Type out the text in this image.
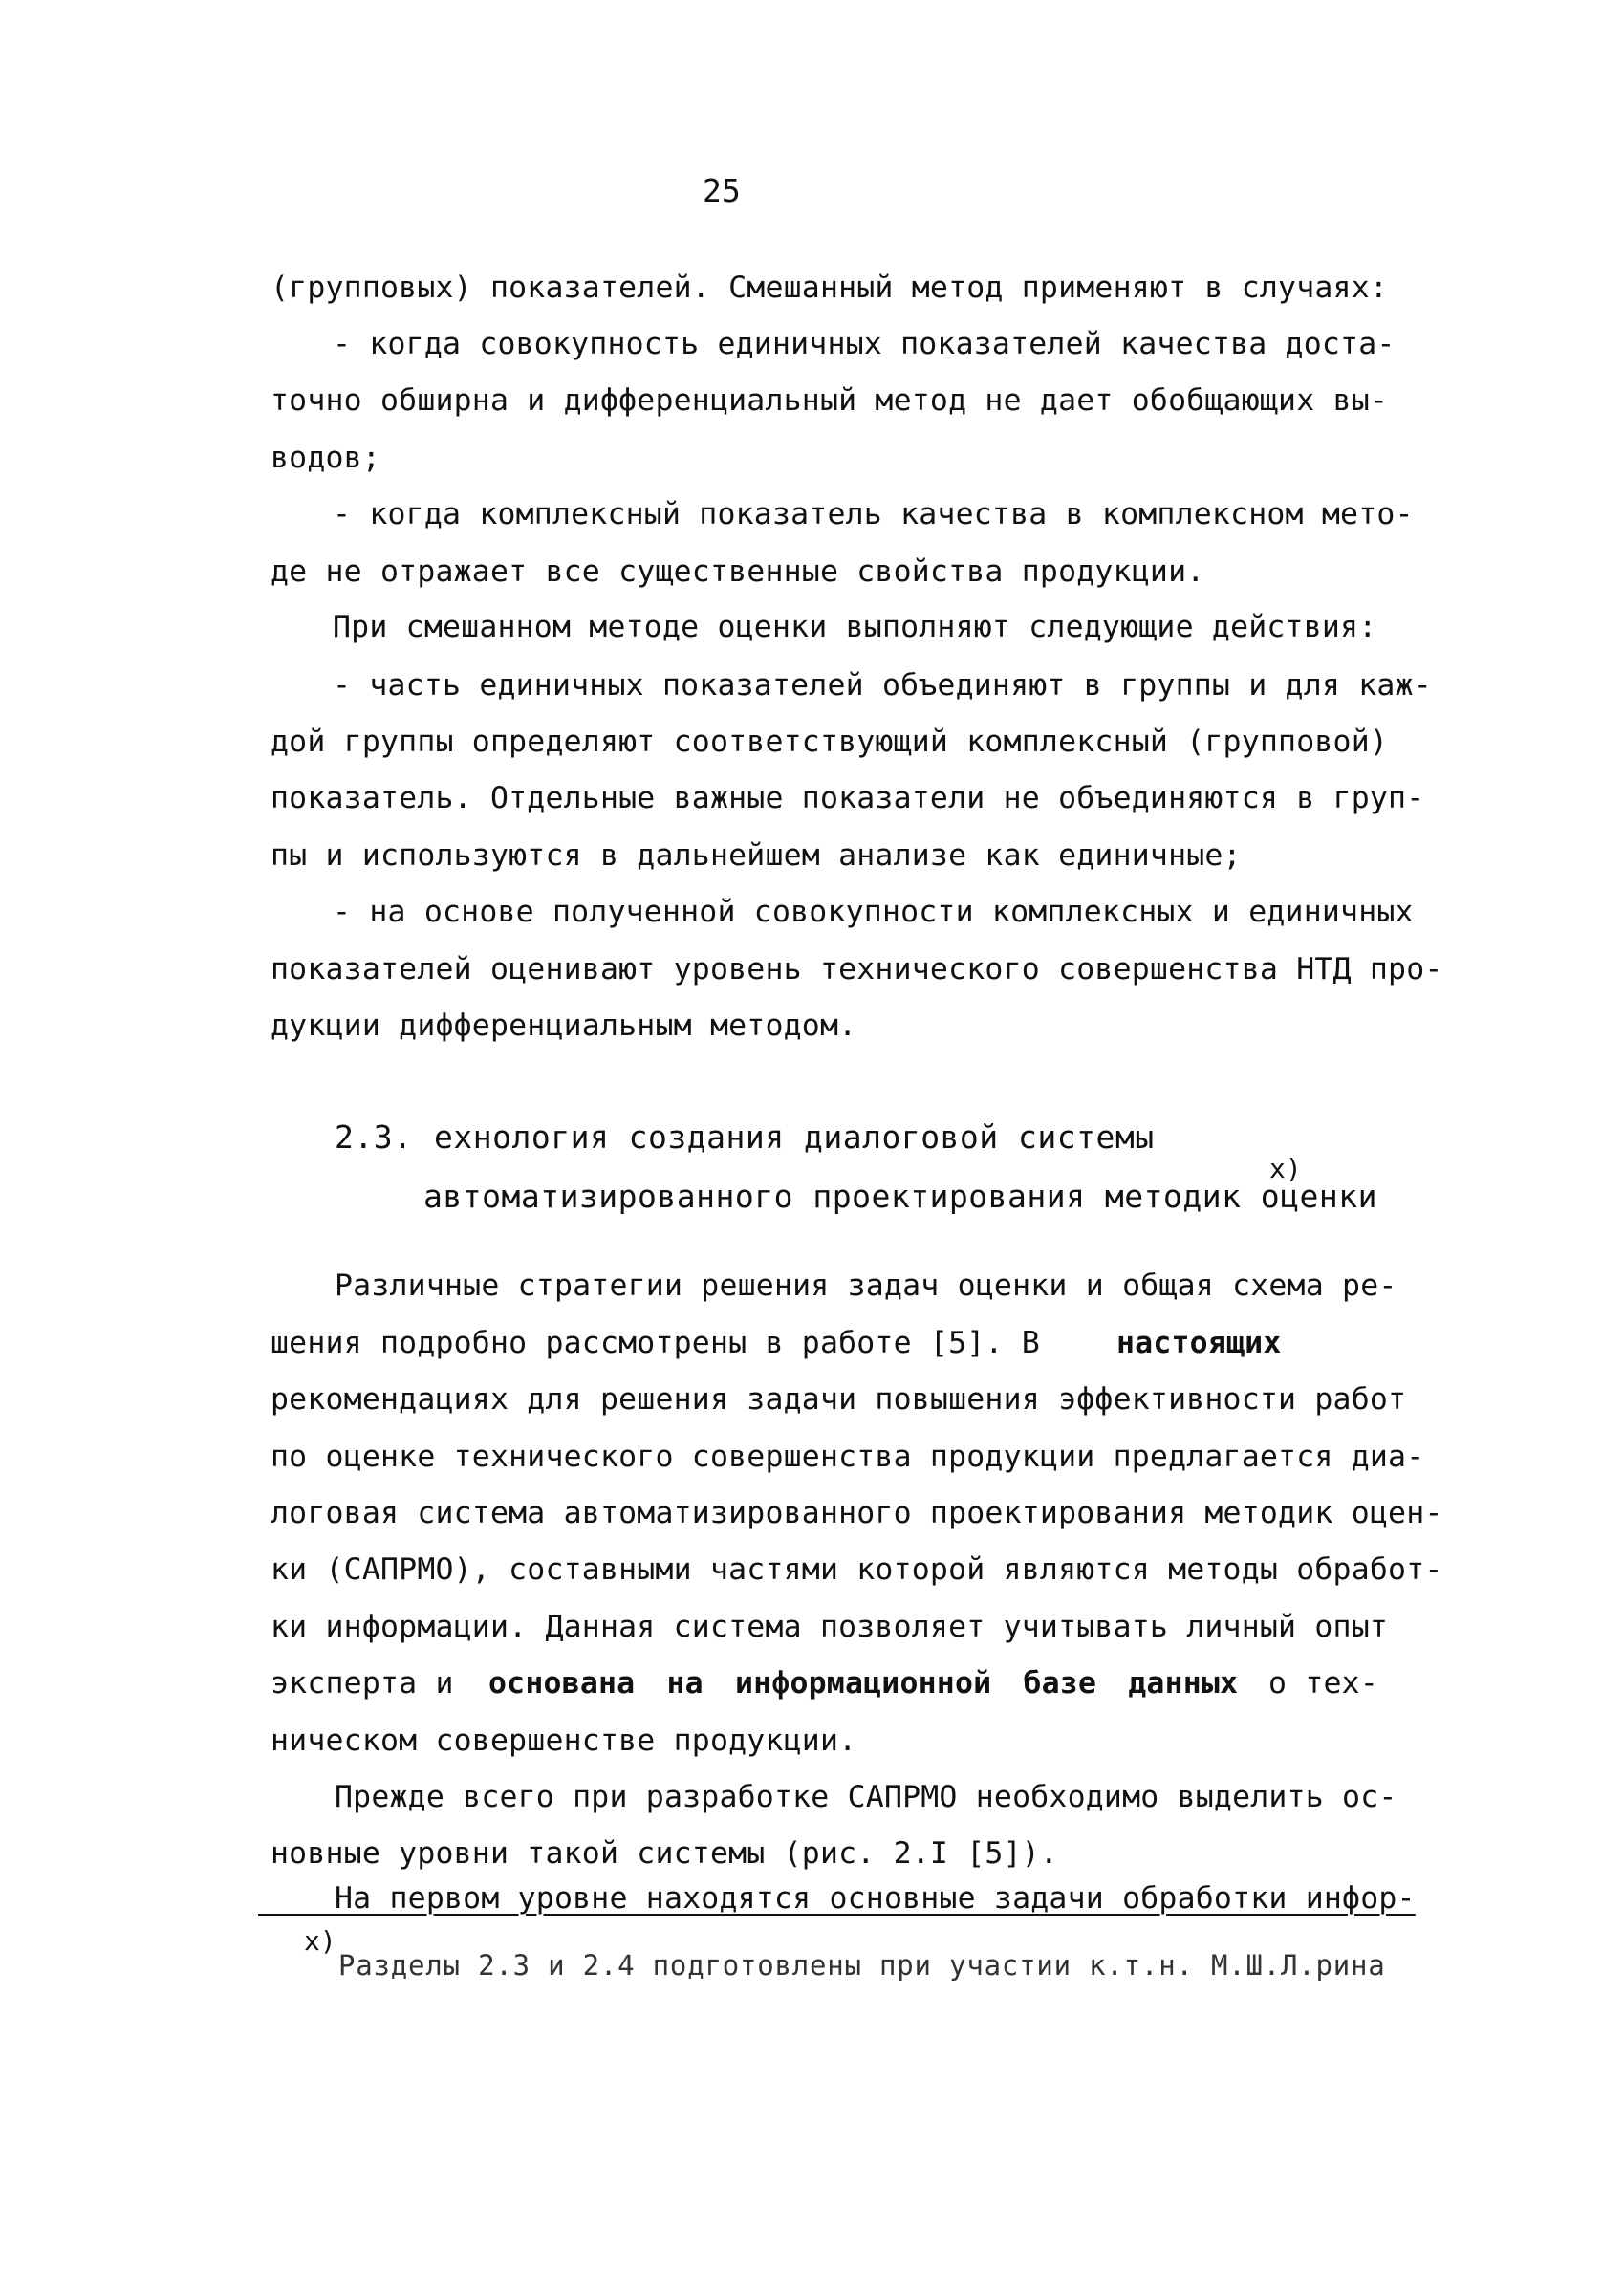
25
(групповых) показателей. Смешанный метод применяют в случаях:
- когда совокупность единичных показателей качества доста-
точно обширна и дифференциальный метод не дает обобщающих вы-
водов;
- когда комплексный показатель качества в комплексном мето-
де не отражает все существенные свойства продукции.
При смешанном методе оценки выполняют следующие действия:
- часть единичных показателей объединяют в группы и для каж-
дой группы определяют соответствующий комплексный (групповой)
показатель. Отдельные важные показатели не объединяются в груп-
пы и используются в дальнейшем анализе как единичные;
- на основе полученной совокупности комплексных и единичных
показателей оценивают уровень технического совершенства НТД про-
дукции дифференциальным методом.
2.3. ехнология создания диалоговой системы
автоматизированного проектирования методик оценки
x)
Различные стратегии решения задач оценки и общая схема ре-
шения подробно рассмотрены в работе [5]. В	настоящих
рекомендациях для решения задачи повышения эффективности работ
по оценке технического совершенства продукции предлагается диа-
логовая система автоматизированного проектирования методик оцен-
ки (САПРМО), составными частями которой являются методы обработ-
ки информации. Данная система позволяет учитывать личный опыт
эксперта и основана на информационной базе данных о тех-
ническом совершенстве продукции.
Прежде всего при разработке САПРМО необходимо выделить ос-
новные уровни такой системы (рис. 2.I [5]).
На первом уровне находятся основные задачи обработки инфор-
x)
Разделы 2.3 и 2.4 подготовлены при участии к.т.н. М.Ш.Л.рина
